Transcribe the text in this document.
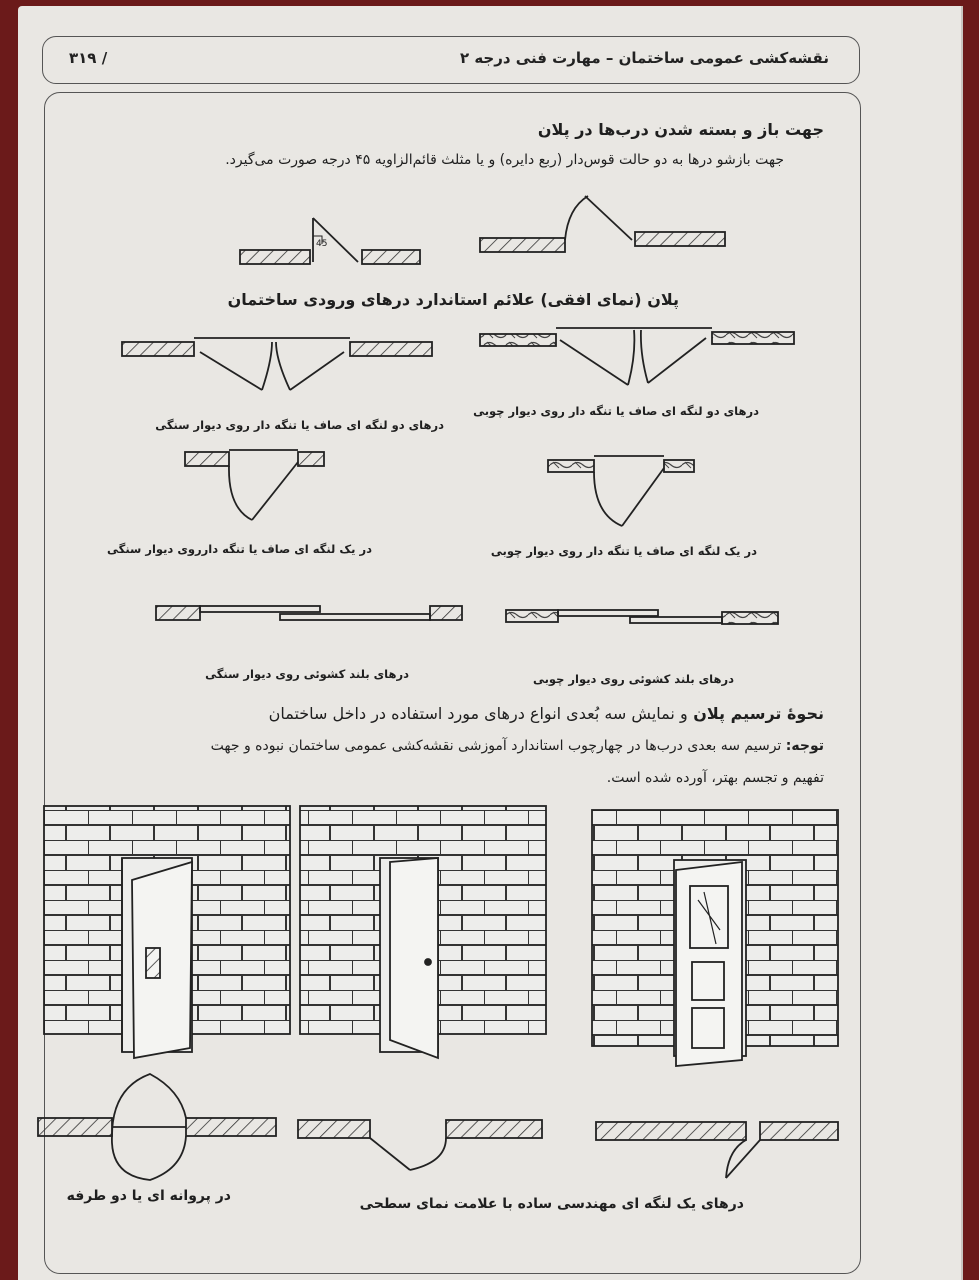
نقشه‌کشی عمومی ساختمان – مهارت فنی درجه ۲
۳۱۹ /
جهت باز و بسته شدن درب‌ها در پلان
جهت بازشو درها به دو حالت قوس‌دار (ربع دایره) و یا مثلث قائم‌الزاویه ۴۵ درجه صورت می‌گیرد.
پلان (نمای افقی) علائم استاندارد درهای ورودی ساختمان
درهای دو لنگه ای صاف یا تنگه دار روی دیوار سنگی
درهای دو لنگه ای صاف یا تنگه دار روی دیوار چوبی
در یک لنگه ای صاف یا تنگه داررو‌ی دیوار سنگی	در یک لنگه ای صاف یا تنگه دار روی دیوار چوبی
درهای بلند کشوئی روی دیوار سنگی	درهای بلند کشوئی روی دیوار چوبی
نحوهٔ ترسیم پلان و نمایش سه بُعدی انواع درهای مورد استفاده در داخل ساختمان
توجه: ترسیم سه بعدی درب‌ها در چهارچوب استاندارد آموزشی نقشه‌کشی عمومی ساختمان نبوده و جهت
تفهیم و تجسم بهتر، آورده شده است.
در پروانه ای یا دو طرفه	درهای یک لنگه ای مهندسی ساده با علامت نمای سطحی
45
